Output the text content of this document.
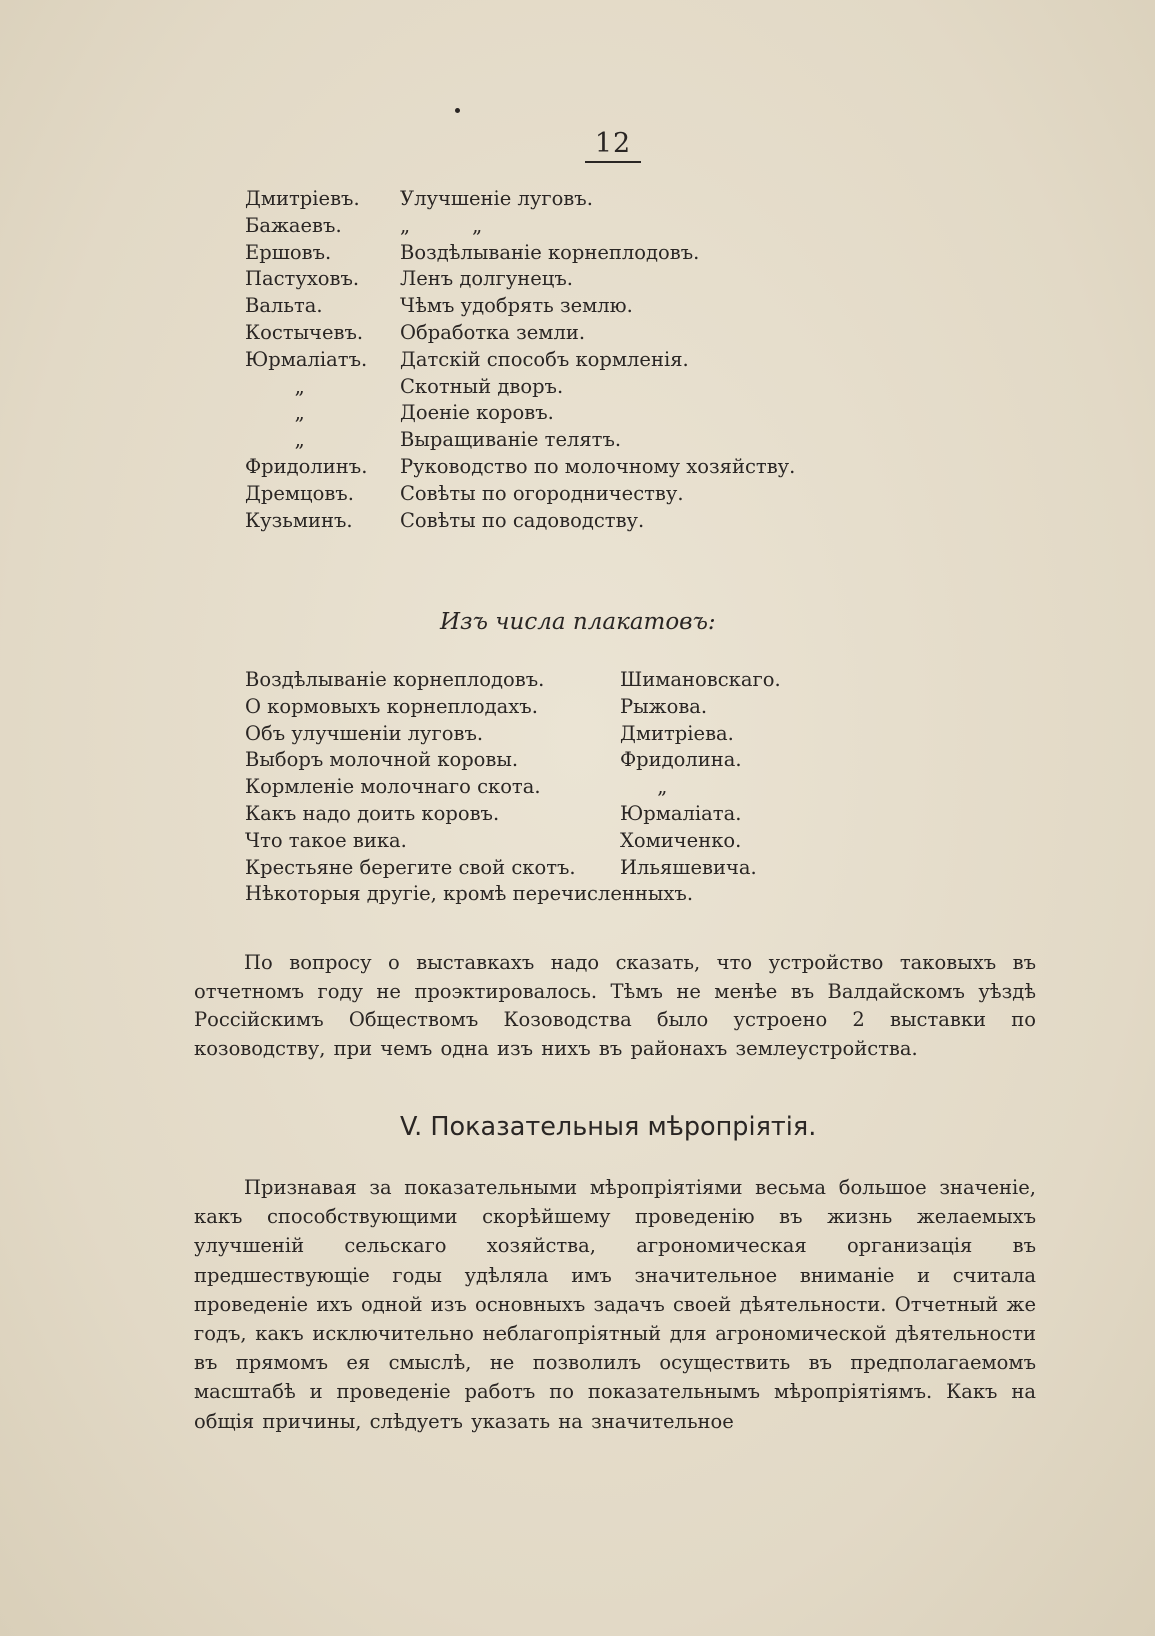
12
Дмитріевъ.	Улучшеніе луговъ.
Бажаевъ.	„          „
Ершовъ.	Воздѣлываніе корнеплодовъ.
Пастуховъ.	Ленъ долгунецъ.
Вальта.	Чѣмъ удобрять землю.
Костычевъ.	Обработка земли.
Юрмаліатъ.	Датскій способъ кормленія.
„	Скотный дворъ.
„	Доеніе коровъ.
„	Выращиваніе телятъ.
Фридолинъ.	Руководство по молочному хозяйству.
Дремцовъ.	Совѣты по огородничеству.
Кузьминъ.	Совѣты по садоводству.
Изъ числа плакатовъ:
Воздѣлываніе корнеплодовъ.	Шимановскаго.
О кормовыхъ корнеплодахъ.	Рыжова.
Объ улучшеніи луговъ.	Дмитріева.
Выборъ молочной коровы.	Фридолина.
Кормленіе молочнаго скота.	„
Какъ надо доить коровъ.	Юрмаліата.
Что такое вика.	Хомиченко.
Крестьяне берегите свой скотъ.	Ильяшевича.
Нѣкоторыя другіе, кромѣ перечисленныхъ.
По вопросу о выставкахъ надо сказать, что устройство таковыхъ въ отчетномъ году не проэктировалось. Тѣмъ не менѣе въ Валдайскомъ уѣздѣ Россійскимъ Обществомъ Козоводства было устроено 2 выставки по козоводству, при чемъ одна изъ нихъ въ районахъ землеустройства.
V. Показательныя мѣропріятія.
Признавая за показательными мѣропріятіями весьма большое значеніе, какъ способствующими скорѣйшему проведенію въ жизнь желаемыхъ улучшеній сельскаго хозяйства, агрономическая организація въ предшествующіе годы удѣляла имъ значительное вниманіе и считала проведеніе ихъ одной изъ основныхъ задачъ своей дѣятельности. Отчетный же годъ, какъ исключительно неблагопріятный для агрономической дѣятельности въ прямомъ ея смыслѣ, не позволилъ осуществить въ предполагаемомъ масштабѣ и проведеніе работъ по показательнымъ мѣропріятіямъ. Какъ на общія причины, слѣдуетъ указать на значительное
